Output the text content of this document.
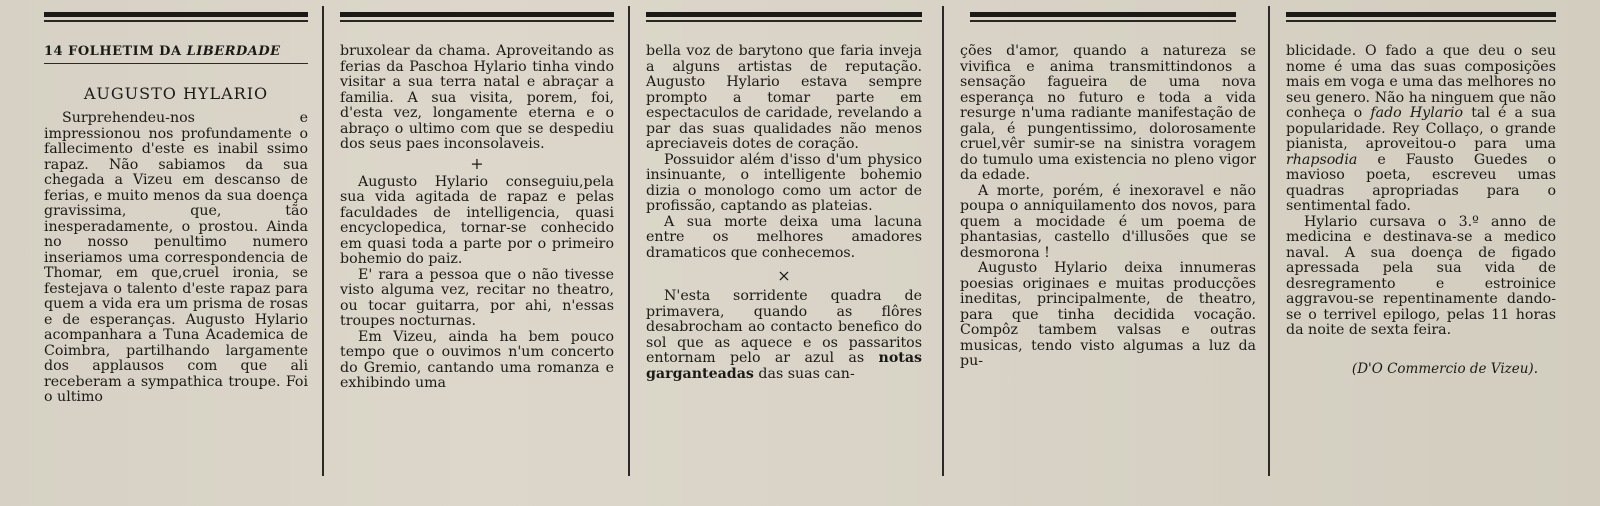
14 FOLHETIM DA LIBERDADE
AUGUSTO HYLARIO

Surprehendeu-nos e impressionou nos profundamente o fallecimento d'este es inabil ssimo rapaz. Não sabiamos da sua chegada a Vizeu em descanso de ferias, e muito menos da sua doença gravissima, que, tão inesperadamente, o prostou. Ainda no nosso penultimo numero inseriamos uma correspondencia de Thomar, em que,cruel ironia, se festejava o talento d'este rapaz para quem a vida era um prisma de rosas e de esperanças. Augusto Hylario acompanhara a Tuna Academica de Coimbra, partilhando largamente dos applausos com que ali receberam a sympathica troupe. Foi o ultimo

bruxolear da chama. Aproveitando as ferias da Paschoa Hylario tinha vindo visitar a sua terra natal e abraçar a familia. A sua visita, porem, foi, d'esta vez, longamente eterna e o abraço o ultimo com que se despediu dos seus paes inconsolaveis.

+

Augusto Hylario conseguiu,pela sua vida agitada de rapaz e pelas faculdades de intelligencia, quasi encyclopedica, tornar-se conhecido em quasi toda a parte por o primeiro bohemio do paiz.

E' rara a pessoa que o não tivesse visto alguma vez, recitar no theatro, ou tocar guitarra, por ahi, n'essas troupes nocturnas.

Em Vizeu, ainda ha bem pouco tempo que o ouvimos n'um concerto do Gremio, cantando uma romanza e exhibindo uma

bella voz de barytono que faria inveja a alguns artistas de reputação. Augusto Hylario estava sempre prompto a tomar parte em espectaculos de caridade, revelando a par das suas qualidades não menos apreciaveis dotes de coração.

Possuidor além d'isso d'um physico insinuante, o intelligente bohemio dizia o monologo como um actor de profissão, captando as plateias.

A sua morte deixa uma lacuna entre os melhores amadores dramaticos que conhecemos.

×

N'esta sorridente quadra de primavera, quando as flôres desabrocham ao contacto benefico do sol que as aquece e os passaritos entornam pelo ar azul as notas garganteadas das suas can-

ções d'amor, quando a natureza se vivifica e anima transmittindonos a sensação fagueira de uma nova esperança no futuro e toda a vida resurge n'uma radiante manifestação de gala, é pungentissimo, dolorosamente cruel,vêr sumir-se na sinistra voragem do tumulo uma existencia no pleno vigor da edade.

A morte, porém, é inexoravel e não poupa o anniquilamento dos novos, para quem a mocidade é um poema de phantasias, castello d'illusões que se desmorona !

Augusto Hylario deixa innumeras poesias originaes e muitas producções ineditas, principalmente, de theatro, para que tinha decidida vocação. Compôz tambem valsas e outras musicas, tendo visto algumas a luz da pu-

blicidade. O fado a que deu o seu nome é uma das suas composições mais em voga e uma das melhores no seu genero. Não ha ninguem que não conheça o fado Hylario tal é a sua popularidade. Rey Collaço, o grande pianista, aproveitou-o para uma rhapsodia e Fausto Guedes o mavioso poeta, escreveu umas quadras apropriadas para o sentimental fado.

Hylario cursava o 3.º anno de medicina e destinava-se a medico naval. A sua doença de figado apressada pela sua vida de desregramento e estroinice aggravou-se repentinamente dando-se o terrivel epilogo, pelas 11 horas da noite de sexta feira.

(D'O Commercio de Vizeu).
